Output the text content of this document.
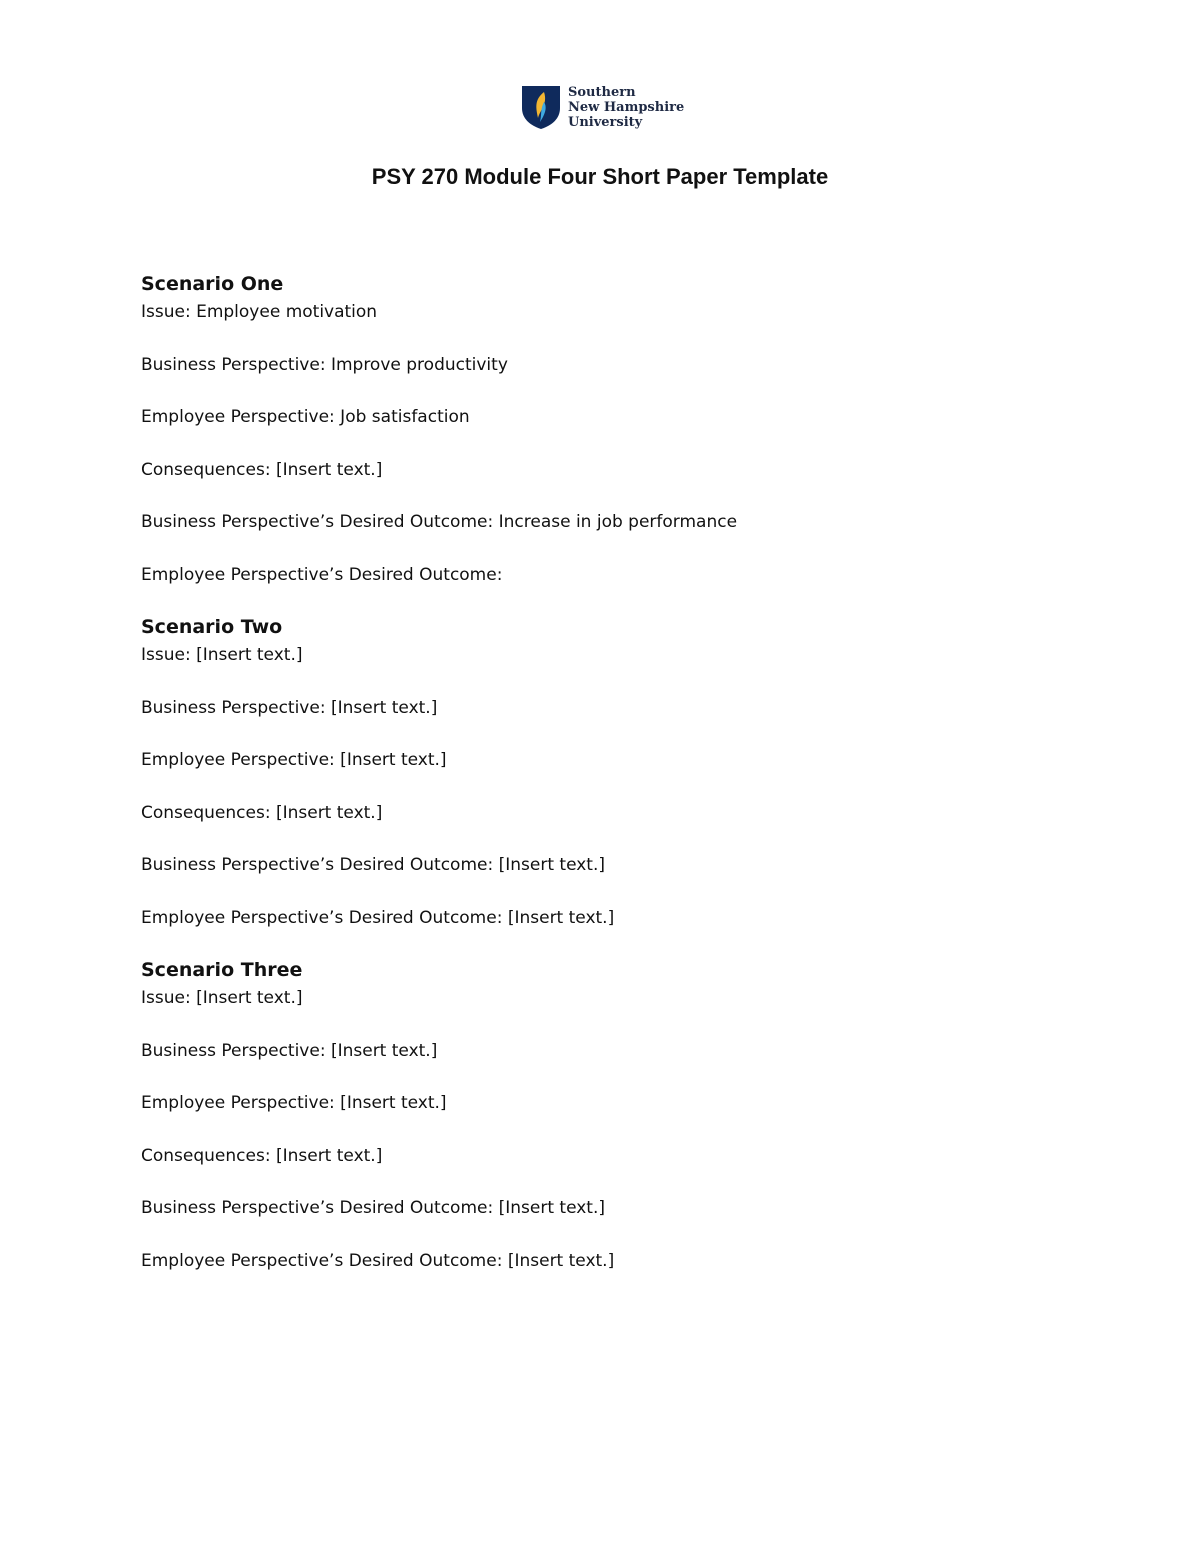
Southern
New Hampshire
University
PSY 270 Module Four Short Paper Template
Scenario One
Issue: Employee motivation
Business Perspective: Improve productivity
Employee Perspective: Job satisfaction
Consequences: [Insert text.]
Business Perspective’s Desired Outcome: Increase in job performance
Employee Perspective’s Desired Outcome:
Scenario Two
Issue: [Insert text.]
Business Perspective: [Insert text.]
Employee Perspective: [Insert text.]
Consequences: [Insert text.]
Business Perspective’s Desired Outcome: [Insert text.]
Employee Perspective’s Desired Outcome: [Insert text.]
Scenario Three
Issue: [Insert text.]
Business Perspective: [Insert text.]
Employee Perspective: [Insert text.]
Consequences: [Insert text.]
Business Perspective’s Desired Outcome: [Insert text.]
Employee Perspective’s Desired Outcome: [Insert text.]
